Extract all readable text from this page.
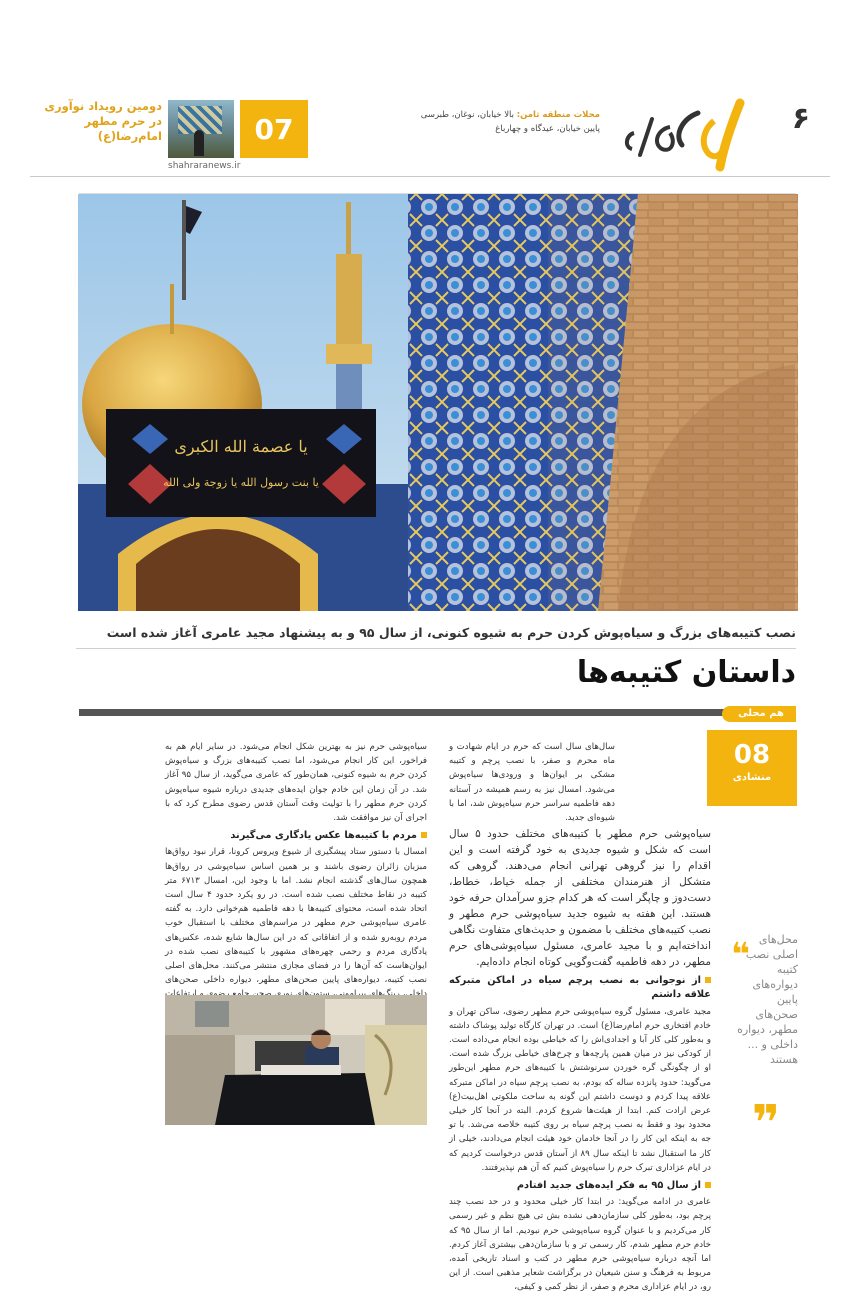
۶
شهرآرا محله ثامن
محلات منطقه ثامن: بالا خیابان، نوغان، طبرسی
پایین خیابان، عیدگاه و چهارباغ
07
دومین رویداد نوآوری در حرم مطهر امام‌رضا(ع)
shahraranews.ir
یا عصمة الله الکبری
یا بنت رسول الله یا زوجة ولی الله
نصب کتیبه‌های بزرگ و سیاه‌پوش کردن حرم به شیوه کنونی، از سال ۹۵ و به پیشنهاد مجید عامری آغاز شده است
داستان کتیبه‌ها
هم محلی
08
منشادی

سال‌های سال است که حرم در ایام شهادت و ماه محرم و صفر، با نصب پرچم و کتیبه مشکی بر ایوان‌ها و ورودی‌ها سیاه‌پوش می‌شود. امسال نیز به رسم همیشه در آستانه دهه فاطمیه سراسر حرم سیاه‌پوش شد، اما با شیوه‌ای جدید.

سیاه‌پوشی حرم مطهر با کتیبه‌های مختلف حدود ۵ سال است که شکل و شیوه جدیدی به خود گرفته است و این اقدام را نیز گروهی تهرانی انجام می‌دهند. گروهی که متشکل از هنرمندان مختلفی از جمله خیاط، خطاط، دست‌دوز و چاپگر است که هر کدام جزو سرآمدان حرفه خود هستند. این هفته به شیوه جدید سیاه‌پوشی حرم مطهر و نصب کتیبه‌های مختلف با مضمون و حدیث‌های متفاوت نگاهی انداخته‌ایم و با مجید عامری، مسئول سیاه‌پوشی‌های حرم مطهر، در دهه فاطمیه گفت‌وگویی کوتاه انجام داده‌ایم.

از نوجوانی به نصب پرچم سیاه در اماکن متبرکه علاقه داشتم

مجید عامری، مسئول گروه سیاه‌پوشی حرم مطهر رضوی، ساکن تهران و خادم افتخاری حرم امام‌رضا(ع) است. در تهران کارگاه تولید پوشاک داشته و به‌طور کلی کار آبا و اجدادی‌اش را که خیاطی بوده انجام می‌داده است. از کودکی نیز در میان همین پارچه‌ها و چرخ‌های خیاطی بزرگ شده است. او از چگونگی گره خوردن سرنوشتش با کتیبه‌های حرم مطهر این‌طور می‌گوید: حدود پانزده ساله که بودم، به نصب پرچم سیاه در اماکن متبرکه علاقه پیدا کردم و دوست داشتم این گونه به ساحت ملکوتی اهل‌بیت(ع) عرض ارادت کنم. ابتدا از هیئت‌ها شروع کردم. البته در آنجا کار خیلی محدود بود و فقط به نصب پرچم سیاه بر روی کتیبه خلاصه می‌شد. با تو جه به اینکه این کار را در آنجا خادمان خود هیئت انجام می‌دادند، خیلی از کار ما استقبال نشد تا اینکه سال ۸۹ از آستان قدس درخواست کردیم که در ایام عزاداری تبرک حرم را سیاه‌پوش کنیم که آن هم نپذیرفتند.

از سال ۹۵ به فکر ایده‌های جدید افتادم

عامری در ادامه می‌گوید: در ابتدا کار خیلی محدود و در حد نصب چند پرچم بود، به‌طور کلی سازمان‌دهی نشده بش تی هیچ نظم و غیر رسمی کار می‌کردیم و با عنوان گروه سیاه‌پوشی حرم نبودیم. اما از سال ۹۵ که خادم حرم مطهر شدم، کار رسمی تر و با سازمان‌دهی بیشتری آغاز کردم. اما آنچه درباره سیاه‌پوشی حرم مطهر در کتب و اسناد تاریخی آمده، مربوط به فرهنگ و سنن شیعیان در برگزاشت شعایر مذهبی است. از این رو، در ایام عزاداری محرم و صفر، از نظر کمی و کیفی،

❝ محل‌های اصلی نصب کتیبه دیواره‌های پایین صحن‌های مطهر، دیواره داخلی و ... هستند
❞

سیاه‌پوشی حرم نیز به بهترین شکل انجام می‌شود. در سایر ایام هم به فراخور، این کار انجام می‌شود، اما نصب کتیبه‌های بزرگ و سیاه‌پوش کردن حرم به شیوه کنونی، همان‌طور که عامری می‌گوید، از سال ۹۵ آغاز شد. در آن زمان این خادم جوان ایده‌های جدیدی درباره شیوه سیاه‌پوش کردن حرم مطهر را با تولیت وقت آستان قدس رضوی مطرح کرد که با اجرای آن نیز موافقت شد.

مردم با کتیبه‌ها عکس یادگاری می‌گیرند

امسال با دستور ستاد پیشگیری از شیوع ویروس کرونا، قرار نبود رواق‌ها مبزبان زائران رضوی باشند و بر همین اساس سیاه‌پوشی در رواق‌ها همچون سال‌های گذشته انجام نشد. اما با وجود این، امسال ۶۷۱۳ متر کتیبه در نقاط مختلف نصب شده است. در رو یکرد حدود ۴ سال است اتحاد شده است، محتوای کتیبه‌ها با دهه فاطمیه هم‌خوانی دارد. به گفته عامری سیاه‌پوشی حرم مطهر در مراسم‌های مختلف با استقبال خوب مردم روبه‌رو شده و از اتفاقاتی که در این سال‌ها شایع شده، عکس‌های یادگاری مردم و رحمی چهره‌های مشهور با کتیبه‌های نصب شده در ایوان‌هاست که آن‌ها را در فضای مجازی منتشر می‌کنند. محل‌های اصلی نصب کتیبه، دیواره‌های پایین صحن‌های مطهر، دیواره داخلی صحن‌های
